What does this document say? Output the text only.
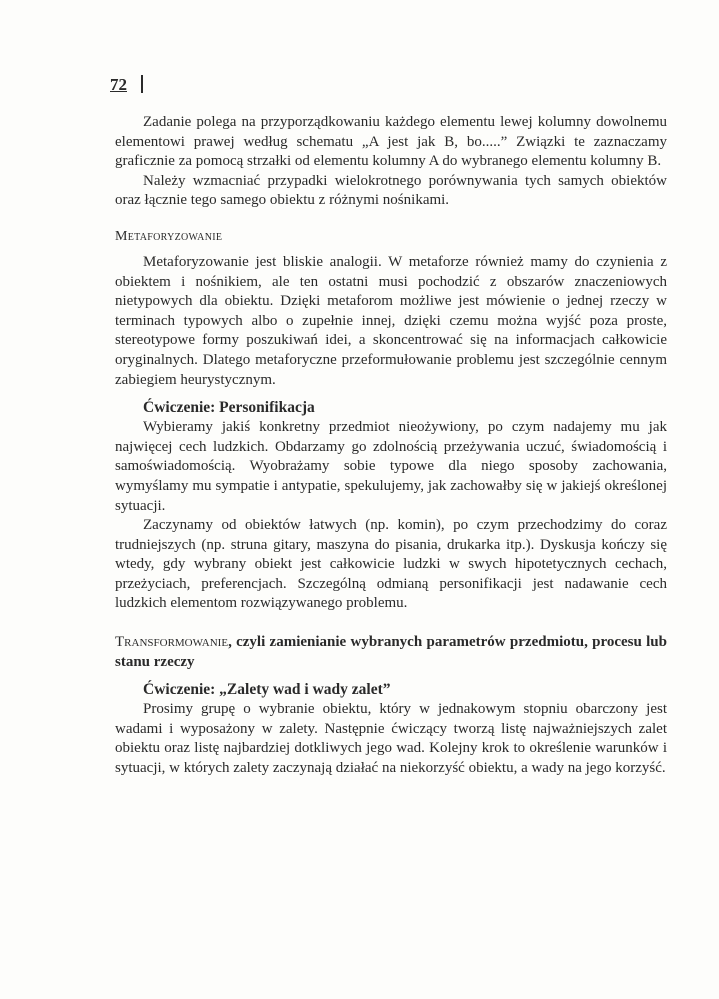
72

Zadanie polega na przyporządkowaniu każdego elementu lewej kolumny dowolnemu elementowi prawej według schematu „A jest jak B, bo.....” Związki te zaznaczamy graficznie za pomocą strzałki od elementu kolumny A do wybranego elementu kolumny B.

Należy wzmacniać przypadki wielokrotnego porównywania tych samych obiektów oraz łącznie tego samego obiektu z różnymi nośnikami.

Metaforyzowanie

Metaforyzowanie jest bliskie analogii. W metaforze również mamy do czynienia z obiektem i nośnikiem, ale ten ostatni musi pochodzić z obszarów znaczeniowych nietypowych dla obiektu. Dzięki metaforom możliwe jest mówienie o jednej rzeczy w terminach typowych albo o zupełnie innej, dzięki czemu można wyjść poza proste, stereotypowe formy poszukiwań idei, a skoncentrować się na informacjach całkowicie oryginalnych. Dlatego metaforyczne przeformułowanie problemu jest szczególnie cennym zabiegiem heurystycznym.

Ćwiczenie: Personifikacja

Wybieramy jakiś konkretny przedmiot nieożywiony, po czym nadajemy mu jak najwięcej cech ludzkich. Obdarzamy go zdolnością przeżywania uczuć, świadomością i samoświadomością. Wyobrażamy sobie typowe dla niego sposoby zachowania, wymyślamy mu sympatie i antypatie, spekulujemy, jak zachowałby się w jakiejś określonej sytuacji.

Zaczynamy od obiektów łatwych (np. komin), po czym przechodzimy do coraz trudniejszych (np. struna gitary, maszyna do pisania, drukarka itp.). Dyskusja kończy się wtedy, gdy wybrany obiekt jest całkowicie ludzki w swych hipotetycznych cechach, przeżyciach, preferencjach. Szczególną odmianą personifikacji jest nadawanie cech ludzkich elementom rozwiązywanego problemu.

Transformowanie, czyli zamienianie wybranych parametrów przedmiotu, procesu lub stanu rzeczy
Ćwiczenie: „Zalety wad i wady zalet”

Prosimy grupę o wybranie obiektu, który w jednakowym stopniu obarczony jest wadami i wyposażony w zalety. Następnie ćwiczący tworzą listę najważniejszych zalet obiektu oraz listę najbardziej dotkliwych jego wad. Kolejny krok to określenie warunków i sytuacji, w których zalety zaczynają działać na niekorzyść obiektu, a wady na jego korzyść.
